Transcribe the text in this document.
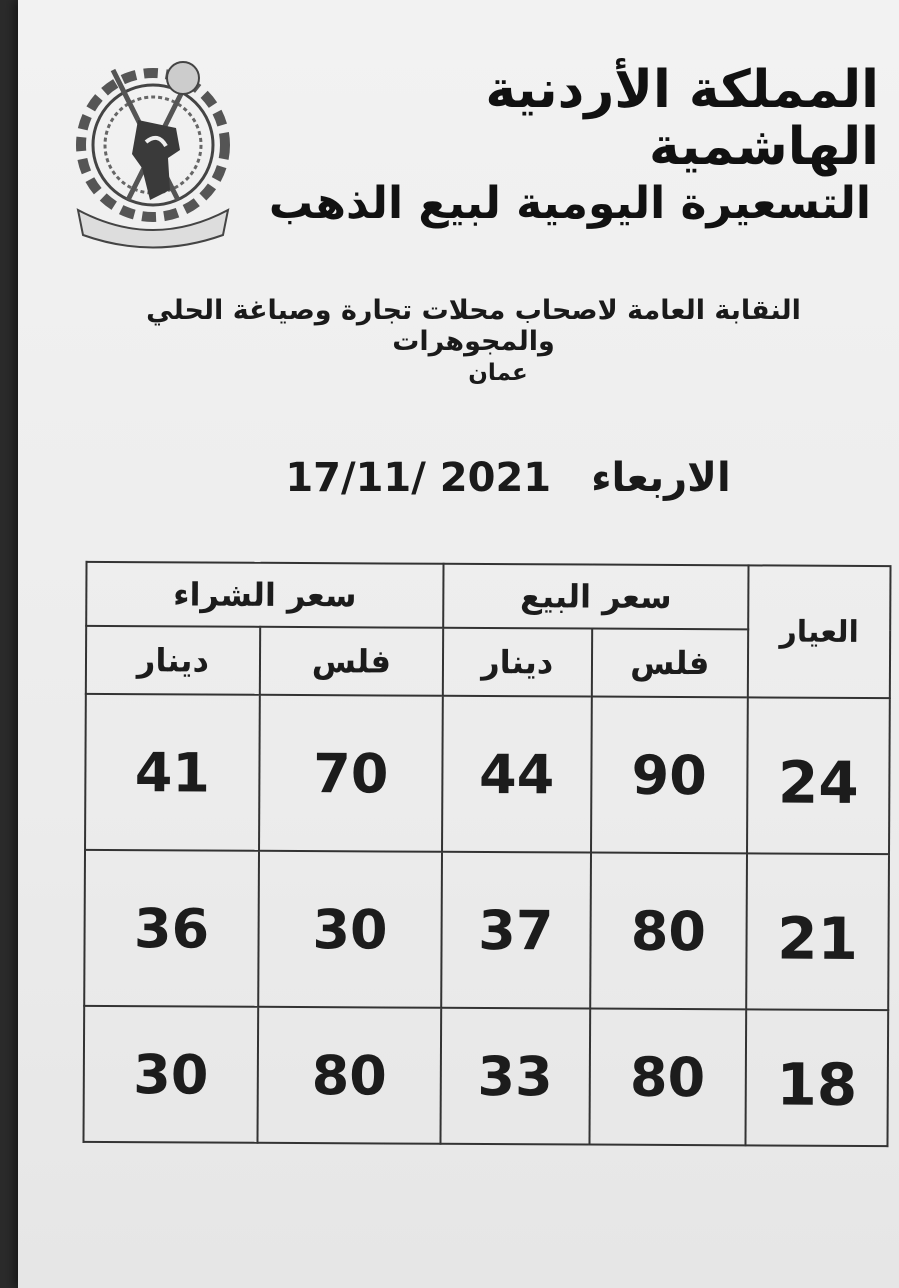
المملكة الأردنية الهاشمية
التسعيرة اليومية لبيع الذهب
النقابة العامة لاصحاب محلات تجارة وصياغة الحلي والمجوهرات
عمان
الاربعاء 17/11/ 2021
العيار	سعر البيع		سعر الشراء	
	فلس	دينار	فلس	دينار
24	90	44	70	41
21	80	37	30	36
18	80	33	80	30
